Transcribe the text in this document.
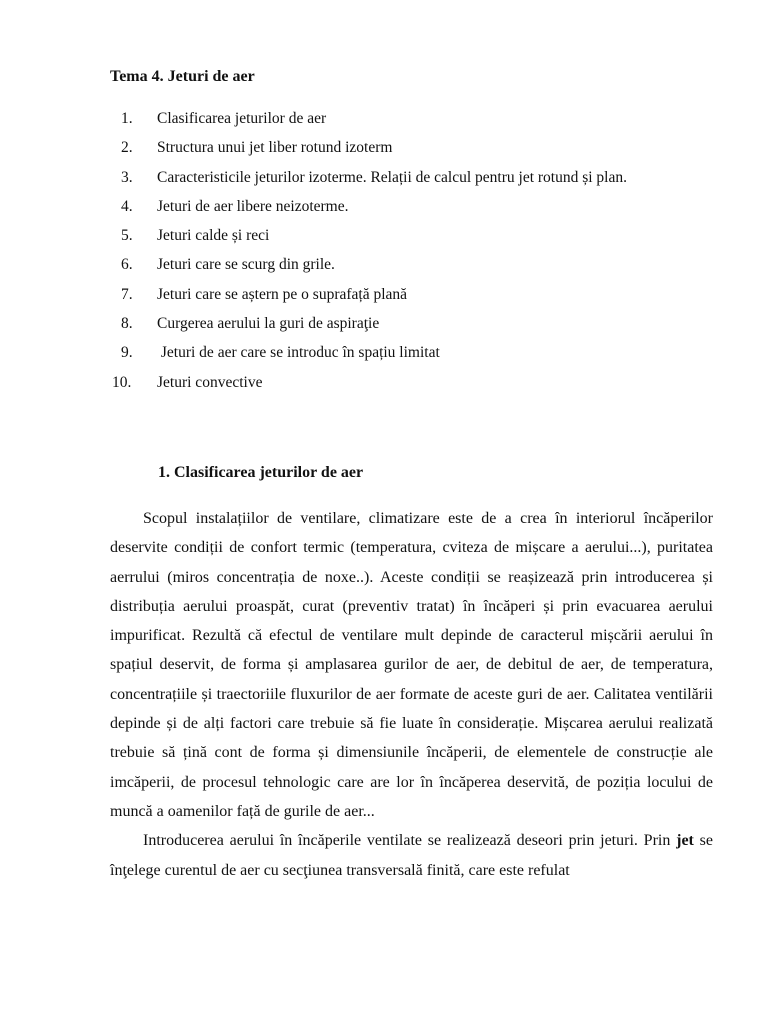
Tema 4. Jeturi de aer
1.	Clasificarea jeturilor de aer
2.	Structura unui jet liber rotund izoterm
3.	Caracteristicile jeturilor izoterme. Relații de calcul pentru jet rotund și plan.
4.	Jeturi de aer libere neizoterme.
5.	Jeturi calde și reci
6.	Jeturi care se scurg din grile.
7.	Jeturi care se aștern pe o suprafață plană
8.	Curgerea aerului la guri de aspiraţie
9.	Jeturi de aer care se introduc în spațiu limitat
10.	Jeturi convective
1. Clasificarea jeturilor de aer

Scopul instalațiilor de ventilare, climatizare este de a crea în interiorul încăperilor deservite condiții de confort termic (temperatura, cviteza de mișcare a aerului...), puritatea aerrului (miros concentrația de noxe..). Aceste condiții se reașizează prin introducerea și distribuția aerului proaspăt, curat (preventiv tratat) în încăperi și prin evacuarea aerului impurificat. Rezultă că efectul de ventilare mult depinde de caracterul mișcării aerului în spațiul deservit, de forma și amplasarea gurilor de aer, de debitul de aer, de temperatura, concentrațiile și traectoriile fluxurilor de aer formate de aceste guri de aer. Calitatea ventilării depinde și de alți factori care trebuie să fie luate în considerație. Mișcarea aerului realizată trebuie să țină cont de forma și dimensiunile încăperii, de elementele de construcție ale imcăperii, de procesul tehnologic care are lor în încăperea deservită, de poziția locului de muncă a oamenilor față de gurile de aer...

Introducerea aerului în încăperile ventilate se realizează deseori prin jeturi. Prin jet se înţelege curentul de aer cu secţiunea transversală finită, care este refulat
